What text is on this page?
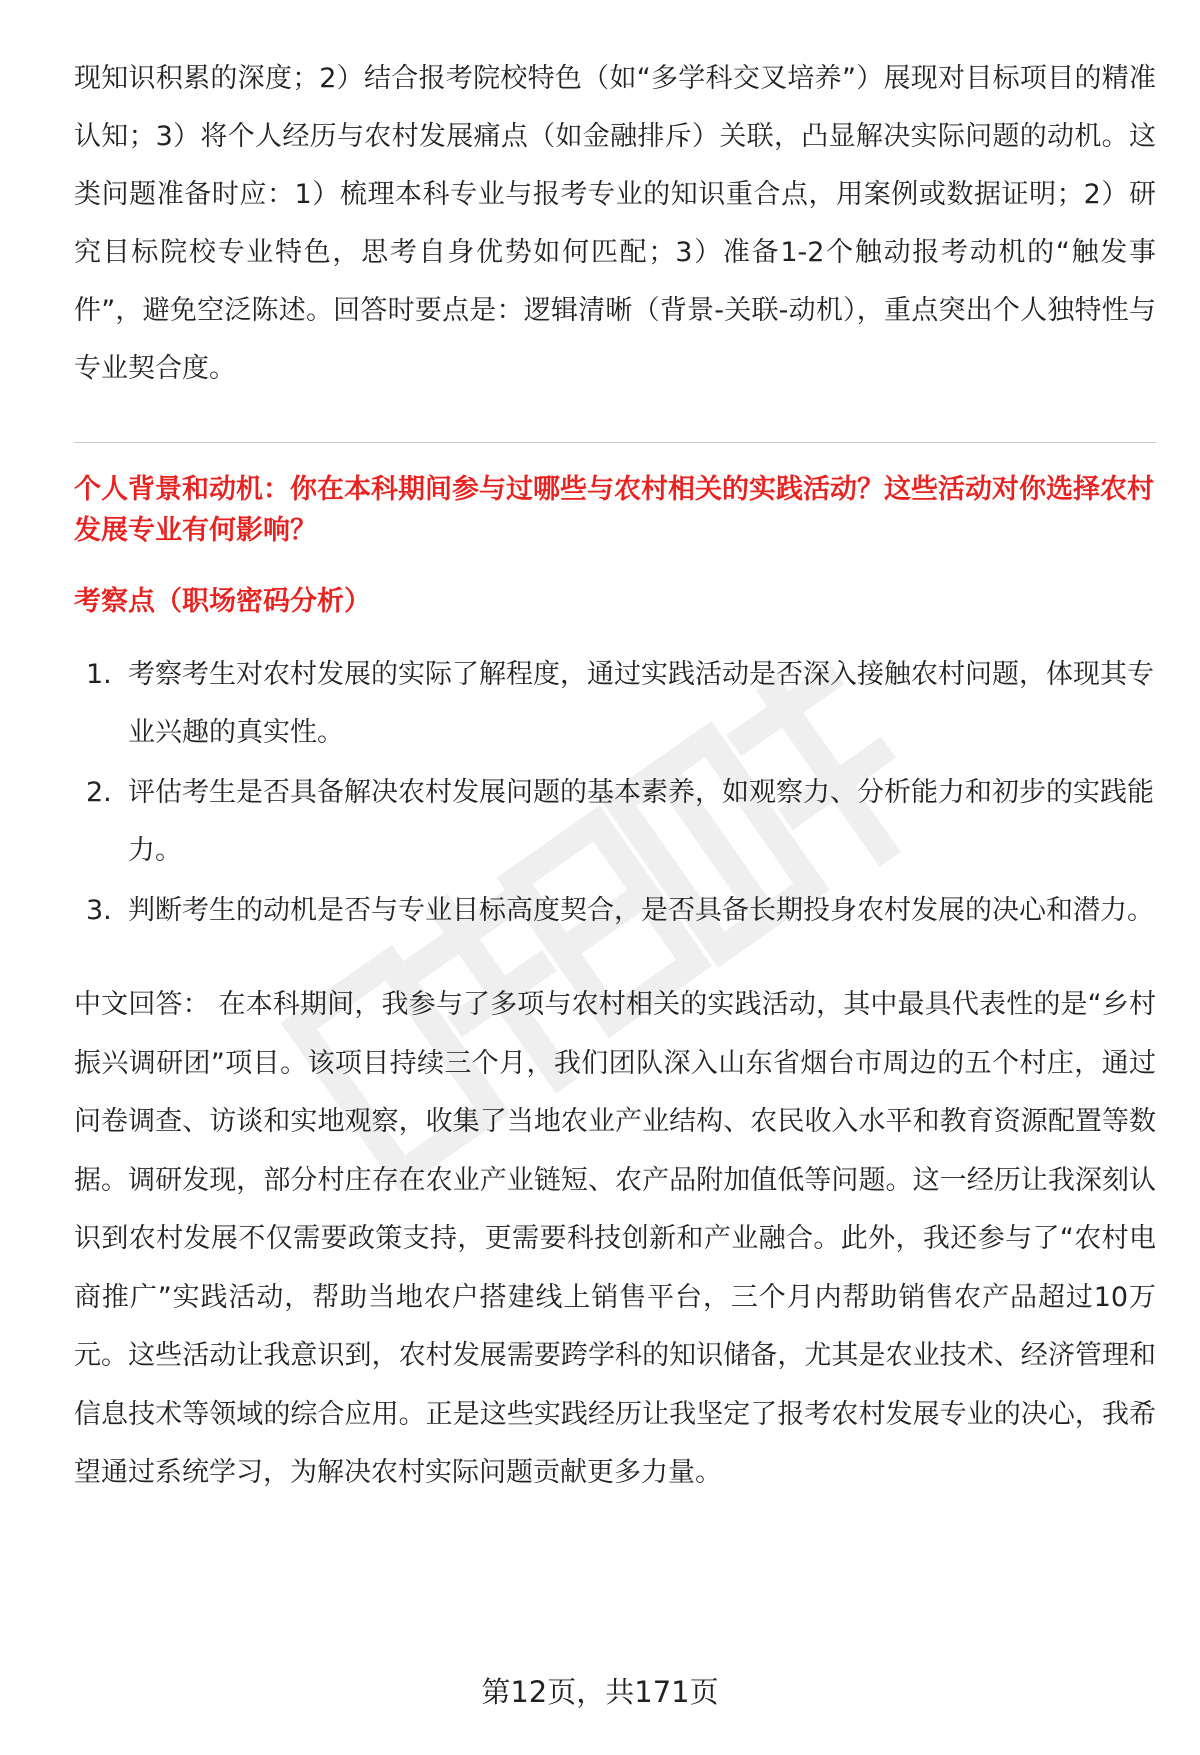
现知识积累的深度；2）结合报考院校特色（如“多学科交叉培养”）展现对目标项目的精准认知；3）将个人经历与农村发展痛点（如金融排斥）关联，凸显解决实际问题的动机。这类问题准备时应：1）梳理本科专业与报考专业的知识重合点，用案例或数据证明；2）研究目标院校专业特色，思考自身优势如何匹配；3）准备1-2个触动报考动机的“触发事件”，避免空泛陈述。回答时要点是：逻辑清晰（背景-关联-动机），重点突出个人独特性与专业契合度。

个人背景和动机：你在本科期间参与过哪些与农村相关的实践活动？这些活动对你选择农村发展专业有何影响？
考察点（职场密码分析）
1. 考察考生对农村发展的实际了解程度，通过实践活动是否深入接触农村问题，体现其专业兴趣的真实性。
2. 评估考生是否具备解决农村发展问题的基本素养，如观察力、分析能力和初步的实践能力。
3. 判断考生的动机是否与专业目标高度契合，是否具备长期投身农村发展的决心和潜力。

中文回答： 在本科期间，我参与了多项与农村相关的实践活动，其中最具代表性的是“乡村振兴调研团”项目。该项目持续三个月，我们团队深入山东省烟台市周边的五个村庄，通过问卷调查、访谈和实地观察，收集了当地农业产业结构、农民收入水平和教育资源配置等数据。调研发现，部分村庄存在农业产业链短、农产品附加值低等问题。这一经历让我深刻认识到农村发展不仅需要政策支持，更需要科技创新和产业融合。此外，我还参与了“农村电商推广”实践活动，帮助当地农户搭建线上销售平台，三个月内帮助销售农产品超过10万元。这些活动让我意识到，农村发展需要跨学科的知识储备，尤其是农业技术、经济管理和信息技术等领域的综合应用。正是这些实践经历让我坚定了报考农村发展专业的决心，我希望通过系统学习，为解决农村实际问题贡献更多力量。

第12页，共171页
